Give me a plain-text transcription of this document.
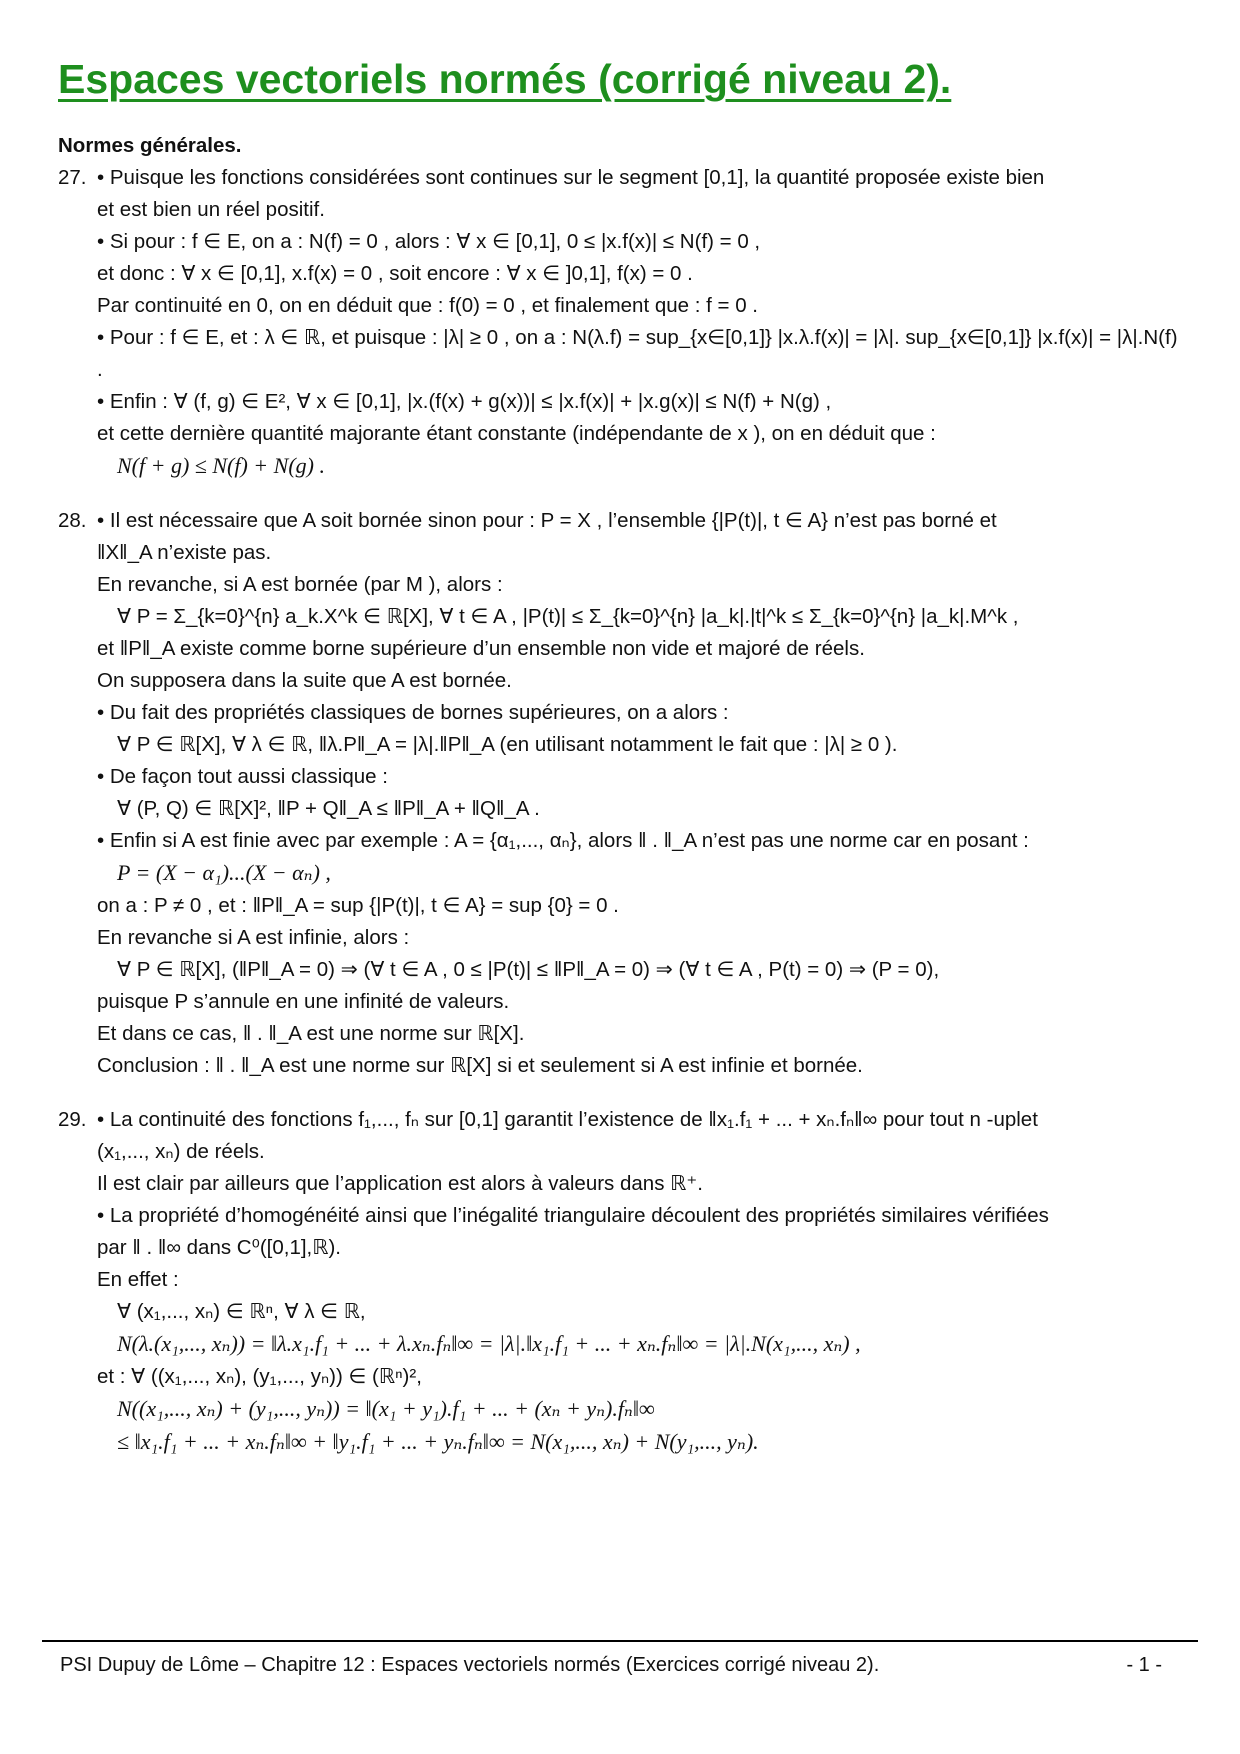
Espaces vectoriels normés (corrigé niveau 2).

Normes générales.

27. • Puisque les fonctions considérées sont continues sur le segment [0,1], la quantité proposée existe bien

et est bien un réel positif.

• Si pour : f ∈ E, on a : N(f) = 0 , alors : ∀ x ∈ [0,1], 0 ≤ |x.f(x)| ≤ N(f) = 0 ,

et donc : ∀ x ∈ [0,1], x.f(x) = 0 , soit encore : ∀ x ∈ ]0,1], f(x) = 0 .

Par continuité en 0, on en déduit que : f(0) = 0 , et finalement que : f = 0 .

• Pour : f ∈ E, et : λ ∈ ℝ, et puisque : |λ| ≥ 0 , on a : N(λ.f) = sup_{x∈[0,1]} |x.λ.f(x)| = |λ|. sup_{x∈[0,1]} |x.f(x)| = |λ|.N(f) .

• Enfin : ∀ (f, g) ∈ E², ∀ x ∈ [0,1], |x.(f(x) + g(x))| ≤ |x.f(x)| + |x.g(x)| ≤ N(f) + N(g) ,

et cette dernière quantité majorante étant constante (indépendante de x ), on en déduit que :

N(f + g) ≤ N(f) + N(g) .

28. • Il est nécessaire que A soit bornée sinon pour : P = X , l’ensemble {|P(t)|, t ∈ A} n’est pas borné et

‖X‖_A n’existe pas.

En revanche, si A est bornée (par M ), alors :

∀ P = Σ_{k=0}^{n} a_k.X^k ∈ ℝ[X], ∀ t ∈ A , |P(t)| ≤ Σ_{k=0}^{n} |a_k|.|t|^k ≤ Σ_{k=0}^{n} |a_k|.M^k ,

et ‖P‖_A existe comme borne supérieure d’un ensemble non vide et majoré de réels.

On supposera dans la suite que A est bornée.

• Du fait des propriétés classiques de bornes supérieures, on a alors :

∀ P ∈ ℝ[X], ∀ λ ∈ ℝ, ‖λ.P‖_A = |λ|.‖P‖_A (en utilisant notamment le fait que : |λ| ≥ 0 ).

• De façon tout aussi classique :

∀ (P, Q) ∈ ℝ[X]², ‖P + Q‖_A ≤ ‖P‖_A + ‖Q‖_A .

• Enfin si A est finie avec par exemple : A = {α₁,..., αₙ}, alors ‖ . ‖_A n’est pas une norme car en posant :

P = (X − α₁)...(X − αₙ) ,

on a : P ≠ 0 , et : ‖P‖_A = sup {|P(t)|, t ∈ A} = sup {0} = 0 .

En revanche si A est infinie, alors :

∀ P ∈ ℝ[X], (‖P‖_A = 0) ⇒ (∀ t ∈ A , 0 ≤ |P(t)| ≤ ‖P‖_A = 0) ⇒ (∀ t ∈ A , P(t) = 0) ⇒ (P = 0),

puisque P s’annule en une infinité de valeurs.

Et dans ce cas, ‖ . ‖_A est une norme sur ℝ[X].

Conclusion : ‖ . ‖_A est une norme sur ℝ[X] si et seulement si A est infinie et bornée.

29. • La continuité des fonctions f₁,..., fₙ sur [0,1] garantit l’existence de ‖x₁.f₁ + ... + xₙ.fₙ‖∞ pour tout n -uplet

(x₁,..., xₙ) de réels.

Il est clair par ailleurs que l’application est alors à valeurs dans ℝ⁺.

• La propriété d’homogénéité ainsi que l’inégalité triangulaire découlent des propriétés similaires vérifiées

par ‖ . ‖∞ dans C⁰([0,1],ℝ).

En effet :

∀ (x₁,..., xₙ) ∈ ℝⁿ, ∀ λ ∈ ℝ,

N(λ.(x₁,..., xₙ)) = ‖λ.x₁.f₁ + ... + λ.xₙ.fₙ‖∞ = |λ|.‖x₁.f₁ + ... + xₙ.fₙ‖∞ = |λ|.N(x₁,..., xₙ) ,

et : ∀ ((x₁,..., xₙ), (y₁,..., yₙ)) ∈ (ℝⁿ)²,

N((x₁,..., xₙ) + (y₁,..., yₙ)) = ‖(x₁ + y₁).f₁ + ... + (xₙ + yₙ).fₙ‖∞

≤ ‖x₁.f₁ + ... + xₙ.fₙ‖∞ + ‖y₁.f₁ + ... + yₙ.fₙ‖∞ = N(x₁,..., xₙ) + N(y₁,..., yₙ).

PSI Dupuy de Lôme – Chapitre 12 : Espaces vectoriels normés (Exercices corrigé niveau 2).	- 1 -
